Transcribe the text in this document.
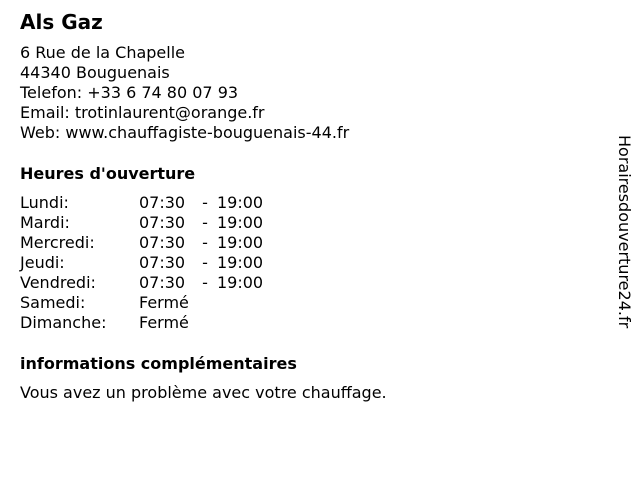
Als Gaz
6 Rue de la Chapelle
44340 Bouguenais
Telefon: +33 6 74 80 07 93
Email: trotinlaurent@orange.fr
Web: www.chauffagiste-bouguenais-44.fr
Heures d'ouverture
Lundi:	07:30	- 19:00
Mardi:	07:30	- 19:00
Mercredi:	07:30	- 19:00
Jeudi:	07:30	- 19:00
Vendredi:	07:30	- 19:00
Samedi:	Fermé
Dimanche:	Fermé
informations complémentaires
Vous avez un problème avec votre chauffage.
Horairesdouverture24.fr
